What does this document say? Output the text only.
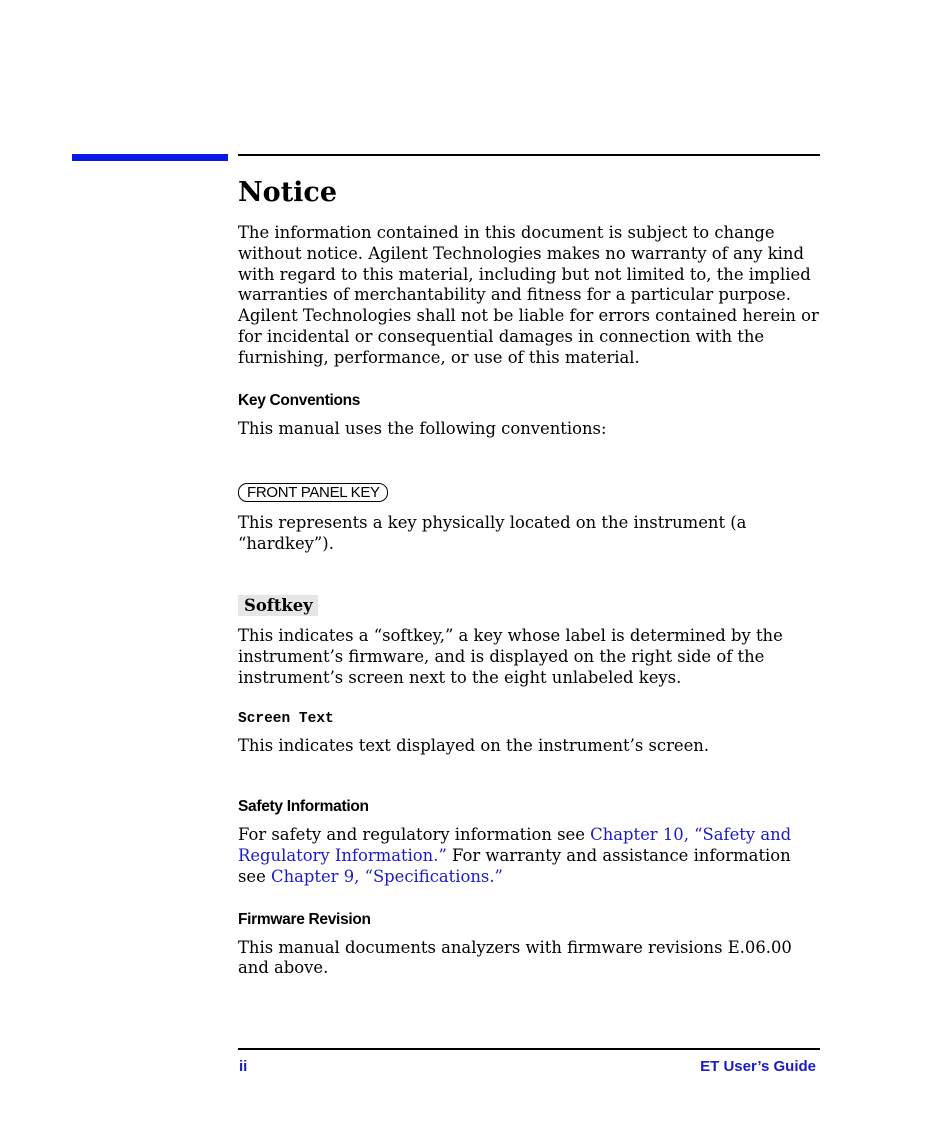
Notice

The information contained in this document is subject to change without notice. Agilent Technologies makes no warranty of any kind with regard to this material, including but not limited to, the implied warranties of merchantability and fitness for a particular purpose. Agilent Technologies shall not be liable for errors contained herein or for incidental or consequential damages in connection with the furnishing, performance, or use of this material.

Key Conventions

This manual uses the following conventions:

FRONT PANEL KEY

This represents a key physically located on the instrument (a “hardkey”).

Softkey

This indicates a “softkey,” a key whose label is determined by the instrument’s firmware, and is displayed on the right side of the instrument’s screen next to the eight unlabeled keys.

Screen Text

This indicates text displayed on the instrument’s screen.

Safety Information

For safety and regulatory information see Chapter 10, “Safety and Regulatory Information.” For warranty and assistance information see Chapter 9, “Specifications.”

Firmware Revision

This manual documents analyzers with firmware revisions E.06.00 and above.

ii	ET User’s Guide
